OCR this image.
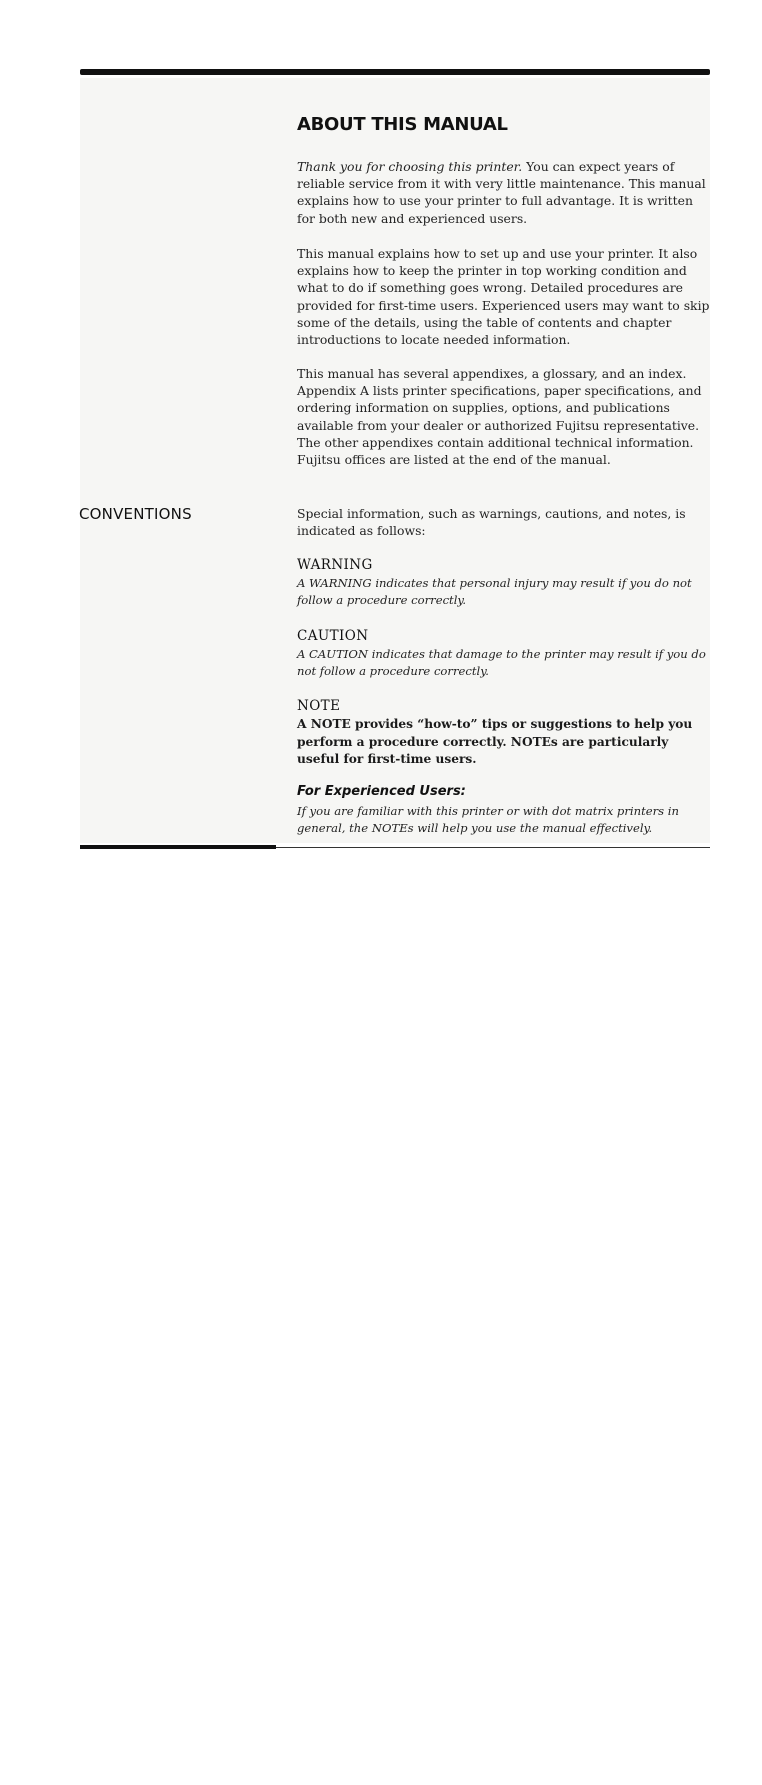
ABOUT THIS MANUAL

Thank you for choosing this printer. You can expect years of reliable service from it with very little maintenance. This manual explains how to use your printer to full advantage. It is written for both new and experienced users.

This manual explains how to set up and use your printer. It also explains how to keep the printer in top working condition and what to do if something goes wrong. Detailed procedures are provided for first-time users. Experienced users may want to skip some of the details, using the table of contents and chapter introductions to locate needed information.

This manual has several appendixes, a glossary, and an index. Appendix A lists printer specifications, paper specifications, and ordering information on supplies, options, and publications available from your dealer or authorized Fujitsu representative. The other appendixes contain additional technical information. Fujitsu offices are listed at the end of the manual.

CONVENTIONS	Special information, such as warnings, cautions, and notes, is indicated as follows:

WARNING

A WARNING indicates that personal injury may result if you do not follow a procedure correctly.

CAUTION

A CAUTION indicates that damage to the printer may result if you do not follow a procedure correctly.

NOTE

A NOTE provides “how-to” tips or suggestions to help you perform a procedure correctly. NOTEs are particularly useful for first-time users.

For Experienced Users:

If you are familiar with this printer or with dot matrix printers in general, the NOTEs will help you use the manual effectively.
